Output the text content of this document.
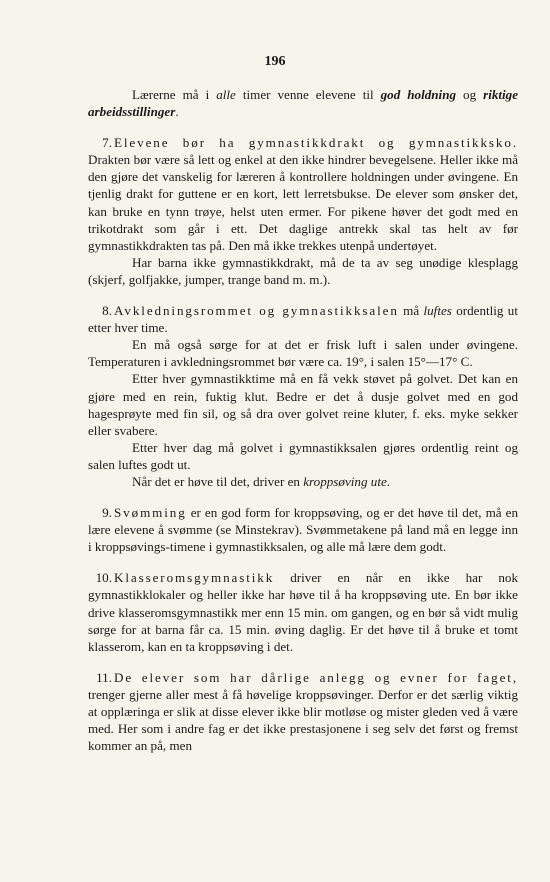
196

Lærerne må i alle timer venne elevene til god holdning og riktige arbeidsstillinger.

7. Elevene bør ha gymnastikkdrakt og gymnastikksko. Drakten bør være så lett og enkel at den ikke hindrer bevegelsene. Heller ikke må den gjøre det vanskelig for læreren å kontrollere holdningen under øvingene. En tjenlig drakt for guttene er en kort, lett lerretsbukse. De elever som ønsker det, kan bruke en tynn trøye, helst uten ermer. For pikene høver det godt med en trikotdrakt som går i ett. Det daglige antrekk skal tas helt av før gymnastikkdrakten tas på. Den må ikke trekkes utenpå undertøyet.

Har barna ikke gymnastikkdrakt, må de ta av seg unødige klesplagg (skjerf, golfjakke, jumper, trange band m. m.).

8. Avkledningsrommet og gymnastikksalen må luftes ordentlig ut etter hver time.

En må også sørge for at det er frisk luft i salen under øvingene. Temperaturen i avkledningsrommet bør være ca. 19°, i salen 15°—17° C.

Etter hver gymnastikktime må en få vekk støvet på golvet. Det kan en gjøre med en rein, fuktig klut. Bedre er det å dusje golvet med en god hagesprøyte med fin sil, og så dra over golvet reine kluter, f. eks. myke sekker eller svabere.

Etter hver dag må golvet i gymnastikksalen gjøres ordentlig reint og salen luftes godt ut.

Når det er høve til det, driver en kroppsøving ute.

9. Svømming er en god form for kroppsøving, og er det høve til det, må en lære elevene å svømme (se Minstekrav). Svømmetakene på land må en legge inn i kroppsøvings-timene i gymnastikksalen, og alle må lære dem godt.

10. Klasseromsgymnastikk driver en når en ikke har nok gymnastikklokaler og heller ikke har høve til å ha kroppsøving ute. En bør ikke drive klasseromsgymnastikk mer enn 15 min. om gangen, og en bør så vidt mulig sørge for at barna får ca. 15 min. øving daglig. Er det høve til å bruke et tomt klasserom, kan en ta kroppsøving i det.

11. De elever som har dårlige anlegg og evner for faget, trenger gjerne aller mest å få høvelige kroppsøvinger. Derfor er det særlig viktig at opplæringa er slik at disse elever ikke blir motløse og mister gleden ved å være med. Her som i andre fag er det ikke prestasjonene i seg selv det først og fremst kommer an på, men
